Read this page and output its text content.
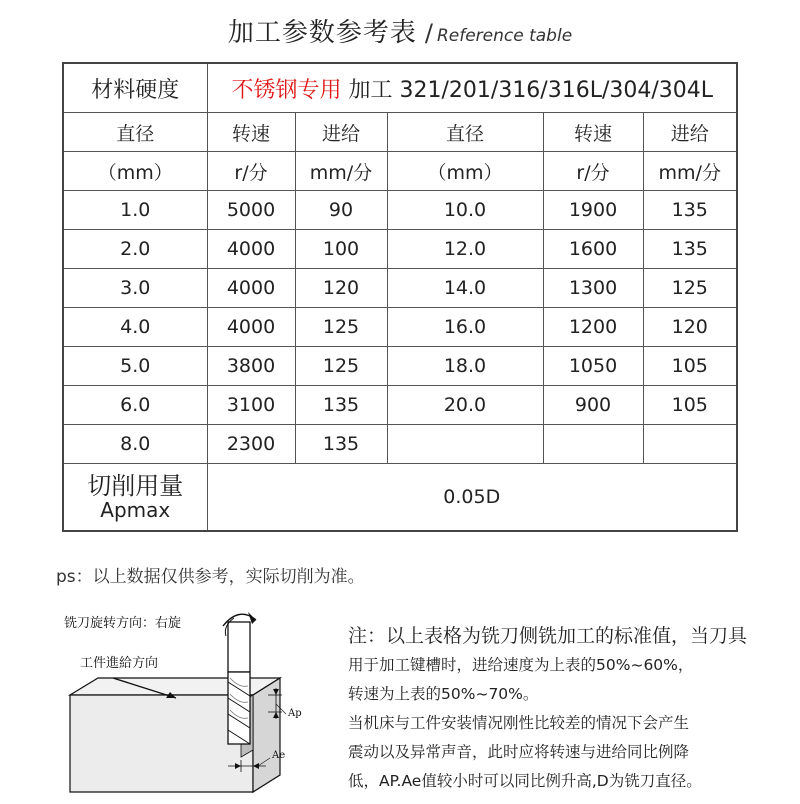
加工参数参考表 / Reference table
材料硬度	不锈钢专用 加工 321/201/316/316L/304/304L				
直径	转速	进给	直径	转速	进给
（mm）	r/分	mm/分	（mm）	r/分	mm/分
1.0	5000	90	10.0	1900	135
2.0	4000	100	12.0	1600	135
3.0	4000	120	14.0	1300	125
4.0	4000	125	16.0	1200	120
5.0	3800	125	18.0	1050	105
6.0	3100	135	20.0	900	105
8.0	2300	135			

切削用量
Apmax	0.05D				
ps：以上数据仅供参考，实际切削为准。
铣刀旋转方向：右旋
工件進給方向
Ap
Ae

注：以上表格为铣刀侧铣加工的标准值，当刀具

用于加工键槽时，进给速度为上表的50%~60%，

转速为上表的50%~70%。

当机床与工件安装情况刚性比较差的情况下会产生

震动以及异常声音，此时应将转速与进给同比例降

低，AP.Ae值较小时可以同比例升高,D为铣刀直径。
